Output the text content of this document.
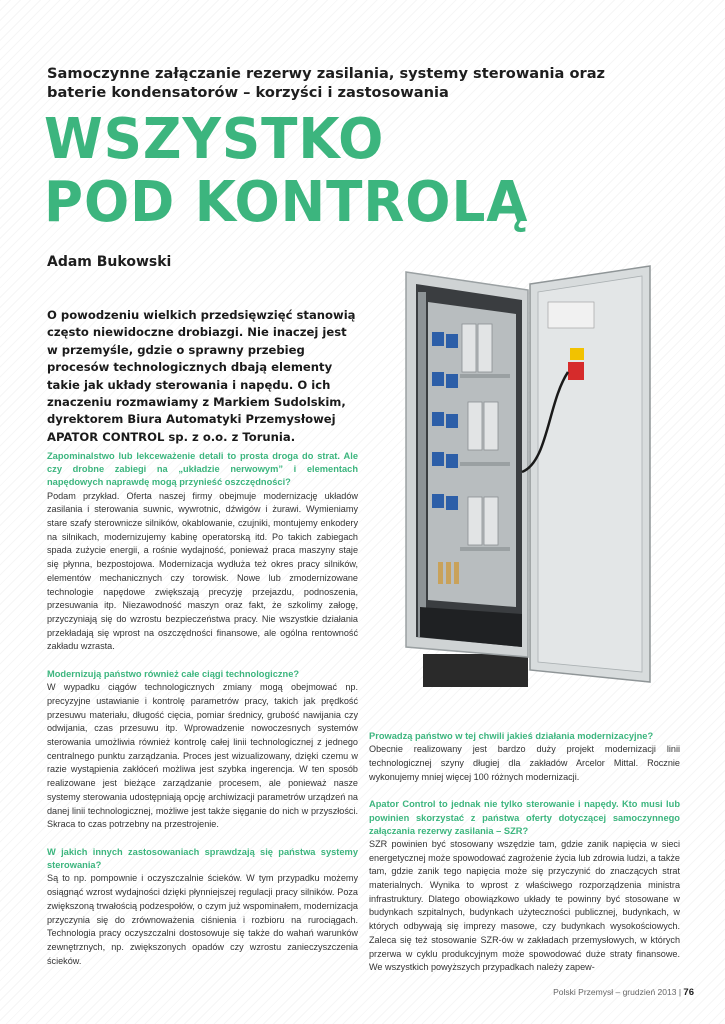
Samoczynne załączanie rezerwy zasilania, systemy sterowania oraz baterie kondensatorów – korzyści i zastosowania
WSZYSTKO
POD KONTROLĄ
Adam Bukowski
O powodzeniu wielkich przedsięwzięć stanowią często niewidoczne drobiazgi. Nie inaczej jest w przemyśle, gdzie o sprawny przebieg procesów technologicznych dbają elementy takie jak układy sterowania i napędu. O ich znaczeniu rozmawiamy z Markiem Sudolskim, dyrektorem Biura Automatyki Przemysłowej APATOR CONTROL sp. z o.o. z Torunia.

Zapominalstwo lub lekceważenie detali to prosta droga do strat. Ale czy drobne zabiegi na „układzie nerwowym” i elementach napędowych naprawdę mogą przynieść oszczędności?

Podam przykład. Oferta naszej firmy obejmuje modernizację układów zasilania i sterowania suwnic, wywrotnic, dźwigów i żurawi. Wymieniamy stare szafy sterownicze silników, okablowanie, czujniki, montujemy enkodery na silnikach, modernizujemy kabinę operatorską itd. Po takich zabiegach spada zużycie energii, a rośnie wydajność, ponieważ praca maszyny staje się płynna, bezpostojowa. Modernizacja wydłuża też okres pracy silników, elementów mechanicznych czy torowisk. Nowe lub zmodernizowane technologie napędowe zwiększają precyzję przejazdu, podnoszenia, przesuwania itp. Niezawodność maszyn oraz fakt, że szkolimy załogę, przyczyniają się do wzrostu bezpieczeństwa pracy. Nie wszystkie działania przekładają się wprost na oszczędności finansowe, ale ogólna rentowność zakładu wzrasta.

Modernizują państwo również całe ciągi technologiczne?

W wypadku ciągów technologicznych zmiany mogą obejmować np. precyzyjne ustawianie i kontrolę parametrów pracy, takich jak prędkość przesuwu materiału, długość cięcia, pomiar średnicy, grubość nawijania czy odwijania, czas przesuwu itp. Wprowadzenie nowoczesnych systemów sterowania umożliwia również kontrolę całej linii technologicznej z jednego centralnego punktu zarządzania. Proces jest wizualizowany, dzięki czemu w razie wystąpienia zakłóceń możliwa jest szybka ingerencja. W ten sposób realizowane jest bieżące zarządzanie procesem, ale ponieważ nasze systemy sterowania udostępniają opcję archiwizacji parametrów urządzeń na danej linii technologicznej, możliwe jest także sięganie do nich w przyszłości. Skraca to czas potrzebny na przestrojenie.

W jakich innych zastosowaniach sprawdzają się państwa systemy sterowania?

Są to np. pompownie i oczyszczalnie ścieków. W tym przypadku możemy osiągnąć wzrost wydajności dzięki płynniejszej regulacji pracy silników. Poza zwiększoną trwałością podzespołów, o czym już wspominałem, modernizacja przyczynia się do zrównoważenia ciśnienia i rozbioru na rurociągach. Technologia pracy oczyszczalni dostosowuje się także do wahań warunków zewnętrznych, np. zwiększonych opadów czy wzrostu zanieczyszczenia ścieków.

Prowadzą państwo w tej chwili jakieś działania modernizacyjne?

Obecnie realizowany jest bardzo duży projekt modernizacji linii technologicznej szyny długiej dla zakładów Arcelor Mittal. Rocznie wykonujemy mniej więcej 100 różnych modernizacji.

Apator Control to jednak nie tylko sterowanie i napędy. Kto musi lub powinien skorzystać z państwa oferty dotyczącej samoczynnego załączania rezerwy zasilania – SZR?

SZR powinien być stosowany wszędzie tam, gdzie zanik napięcia w sieci energetycznej może spowodować zagrożenie życia lub zdrowia ludzi, a także tam, gdzie zanik tego napięcia może się przyczynić do znaczących strat materialnych. Wynika to wprost z właściwego rozporządzenia ministra infrastruktury. Dlatego obowiązkowo układy te powinny być stosowane w budynkach szpitalnych, budynkach użyteczności publicznej, budynkach, w których odbywają się imprezy masowe, czy budynkach wysokościowych. Zaleca się też stosowanie SZR-ów w zakładach przemysłowych, w których przerwa w cyklu produkcyjnym może spowodować duże straty finansowe. We wszystkich powyższych przypadkach należy zapew-

Polski Przemysł – grudzień 2013 | 76
